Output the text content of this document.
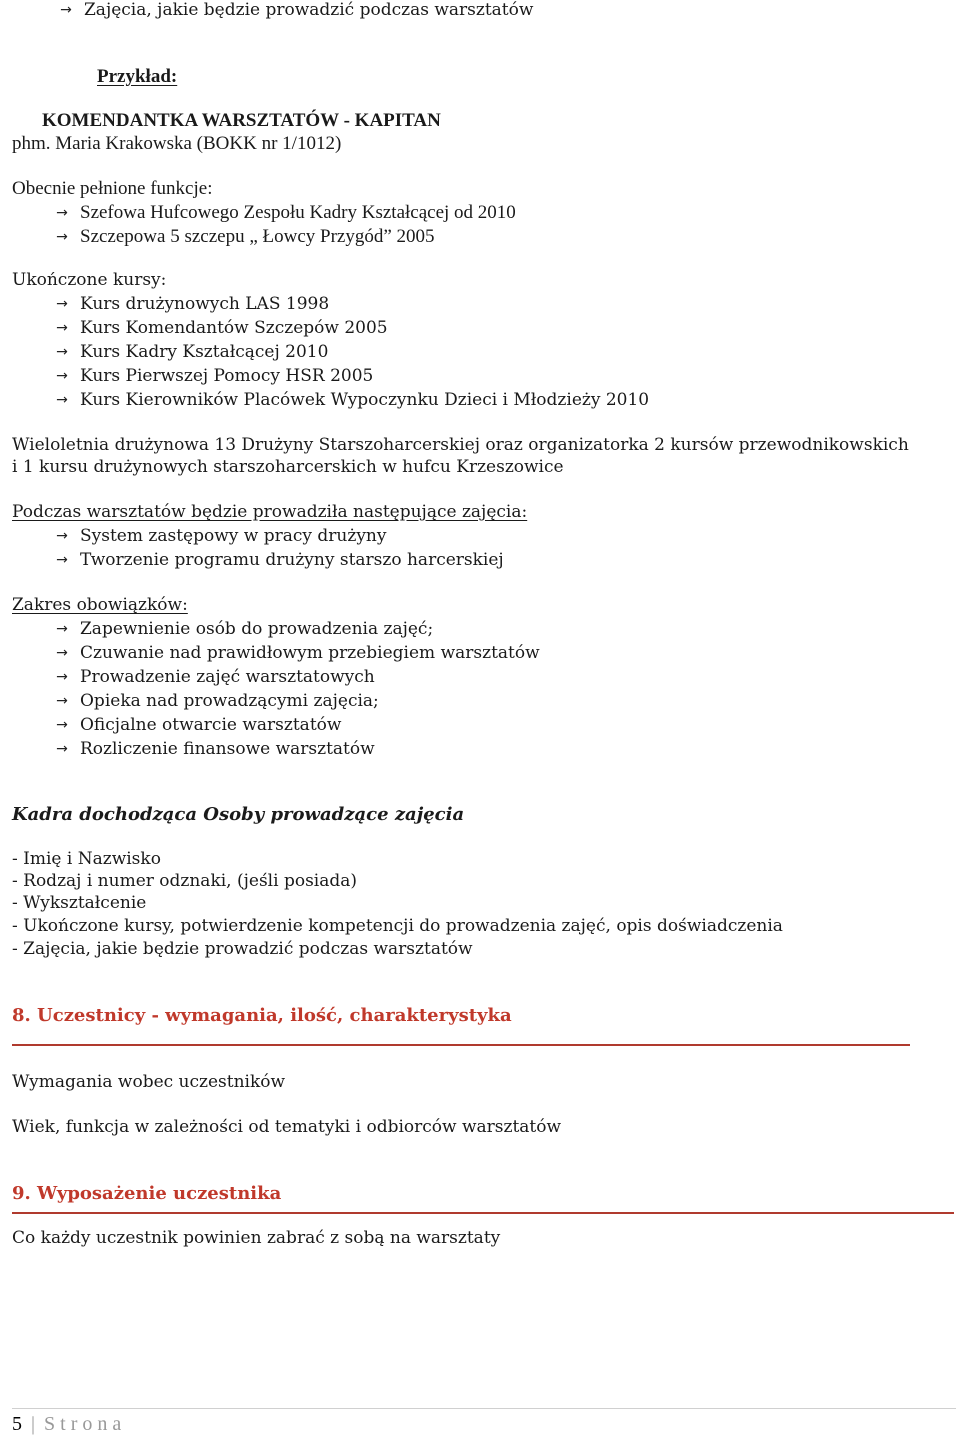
→ Zajęcia, jakie będzie prowadzić podczas warsztatów
Przykład:
KOMENDANTKA WARSZTATÓW - KAPITAN
phm. Maria Krakowska (BOKK nr 1/1012)
Obecnie pełnione funkcje:
→ Szefowa Hufcowego Zespołu Kadry Kształcącej od 2010
→ Szczepowa 5 szczepu „ Łowcy Przygód” 2005
Ukończone kursy:
→ Kurs drużynowych LAS 1998
→ Kurs Komendantów Szczepów 2005
→ Kurs Kadry Kształcącej 2010
→ Kurs Pierwszej Pomocy HSR 2005
→ Kurs Kierowników Placówek Wypoczynku Dzieci i Młodzieży 2010
Wieloletnia drużynowa 13 Drużyny Starszoharcerskiej oraz organizatorka 2 kursów przewodnikowskich
i 1 kursu drużynowych starszoharcerskich w hufcu Krzeszowice
Podczas warsztatów będzie prowadziła następujące zajęcia:
→ System zastępowy w pracy drużyny
→ Tworzenie programu drużyny starszo harcerskiej
Zakres obowiązków:
→ Zapewnienie osób do prowadzenia zajęć;
→ Czuwanie nad prawidłowym przebiegiem warsztatów
→ Prowadzenie zajęć warsztatowych
→ Opieka nad prowadzącymi zajęcia;
→ Oficjalne otwarcie warsztatów
→ Rozliczenie finansowe warsztatów
Kadra dochodząca Osoby prowadzące zajęcia
- Imię i Nazwisko
- Rodzaj i numer odznaki, (jeśli posiada)
- Wykształcenie
- Ukończone kursy, potwierdzenie kompetencji do prowadzenia zajęć, opis doświadczenia
- Zajęcia, jakie będzie prowadzić podczas warsztatów
8. Uczestnicy - wymagania, ilość, charakterystyka
Wymagania wobec uczestników
Wiek, funkcja w zależności od tematyki i odbiorców warsztatów
9. Wyposażenie uczestnika
Co każdy uczestnik powinien zabrać z sobą na warsztaty
5 | Strona
